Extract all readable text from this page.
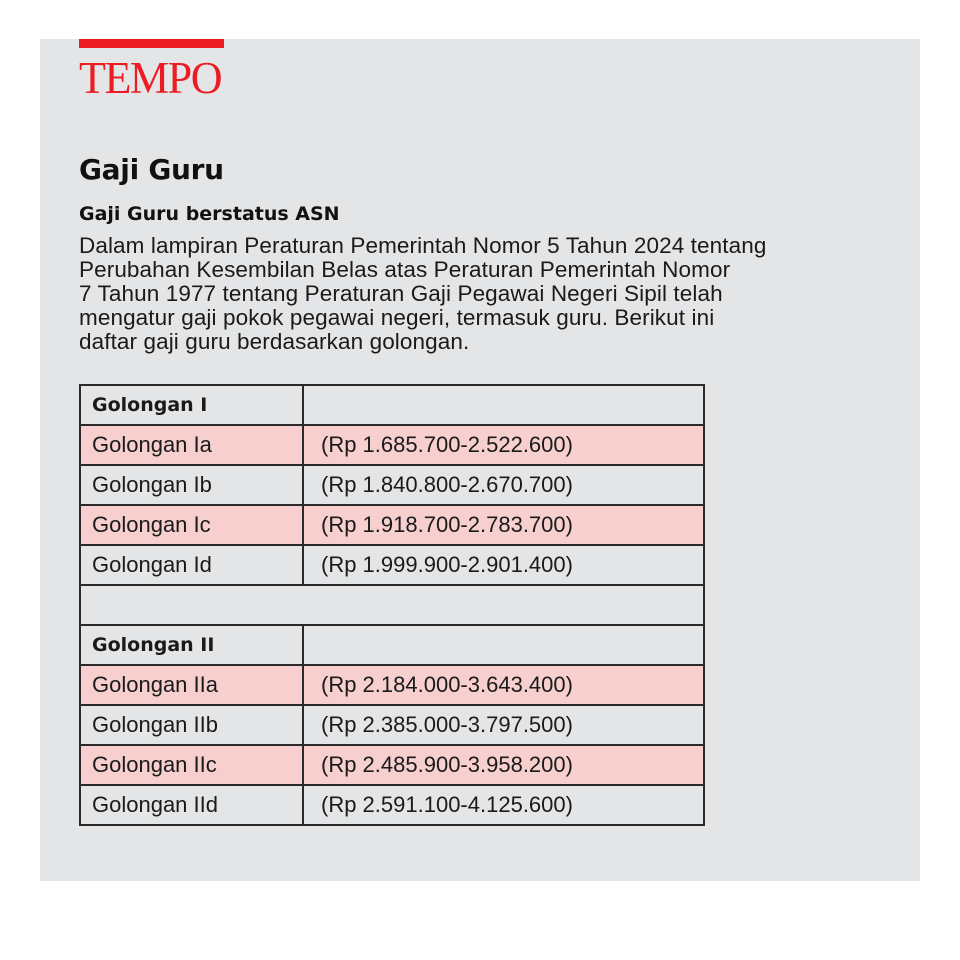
TEMPO
Gaji Guru
Gaji Guru berstatus ASN

Dalam lampiran Peraturan Pemerintah Nomor 5 Tahun 2024 tentang
Perubahan Kesembilan Belas atas Peraturan Pemerintah Nomor
7 Tahun 1977 tentang Peraturan Gaji Pegawai Negeri Sipil telah
mengatur gaji pokok pegawai negeri, termasuk guru. Berikut ini
daftar gaji guru berdasarkan golongan.

Golongan I	
Golongan Ia	(Rp 1.685.700-2.522.600)
Golongan Ib	(Rp 1.840.800-2.670.700)
Golongan Ic	(Rp 1.918.700-2.783.700)
Golongan Id	(Rp 1.999.900-2.901.400)

Golongan II	
Golongan IIa	(Rp 2.184.000-3.643.400)
Golongan IIb	(Rp 2.385.000-3.797.500)
Golongan IIc	(Rp 2.485.900-3.958.200)
Golongan IId	(Rp 2.591.100-4.125.600)
